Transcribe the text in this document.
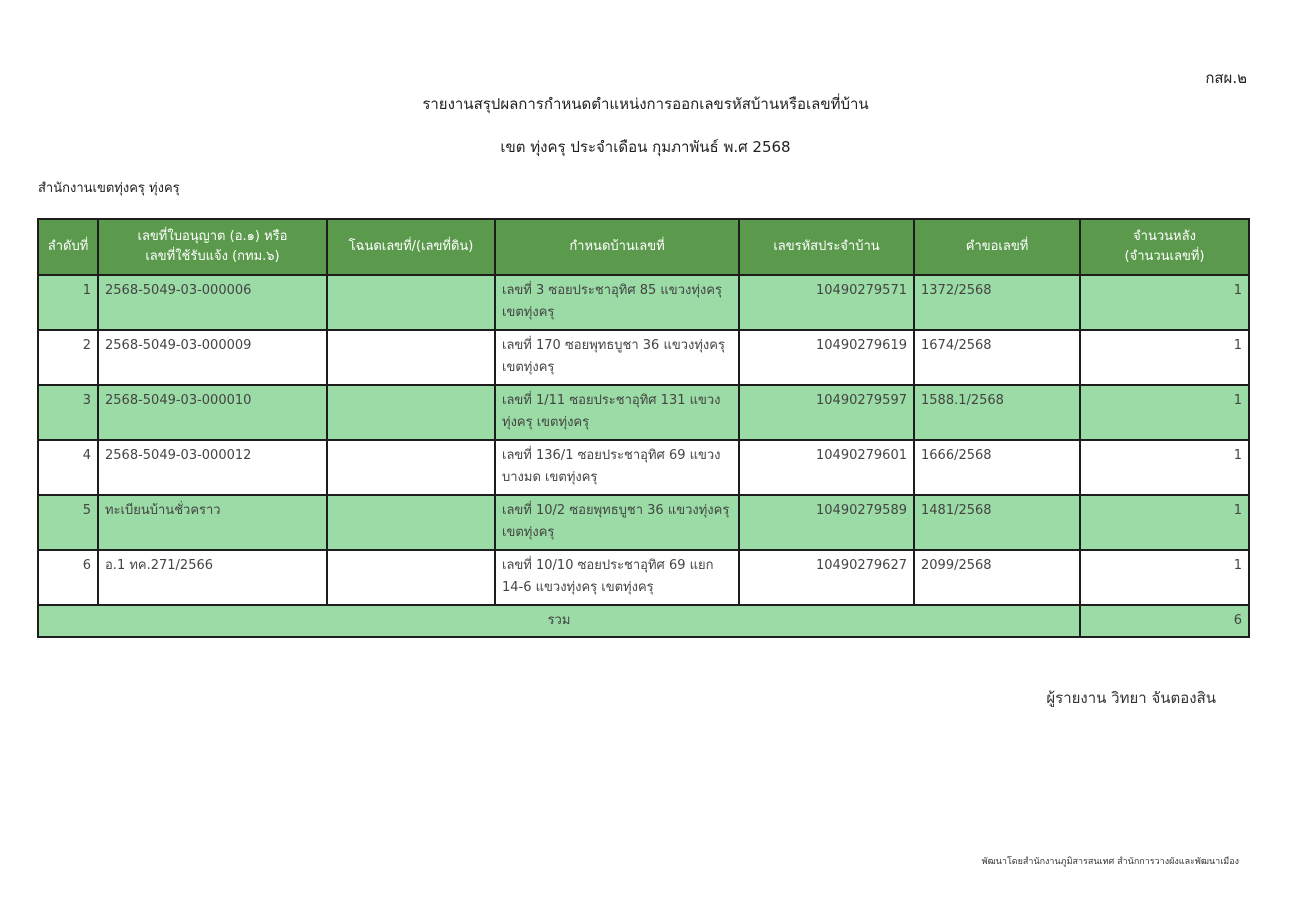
กสผ.๒
รายงานสรุปผลการกำหนดตำแหน่งการออกเลขรหัสบ้านหรือเลขที่บ้าน
เขต ทุ่งครุ ประจำเดือน กุมภาพันธ์ พ.ศ 2568
สำนักงานเขตทุ่งครุ ทุ่งครุ
ลำดับที่	เลขที่ใบอนุญาต (อ.๑) หรือ
เลขที่ใช้รับแจ้ง (กทม.๖)	โฉนดเลขที่/(เลขที่ดิน)	กำหนดบ้านเลขที่	เลขรหัสประจำบ้าน	คำขอเลขที่	จำนวนหลัง
(จำนวนเลขที่)

1	2568-5049-03-000006		เลขที่ 3 ซอยประชาอุทิศ 85 แขวงทุ่งครุ เขตทุ่งครุ	10490279571	1372/2568	1
2	2568-5049-03-000009		เลขที่ 170 ซอยพุทธบูชา 36 แขวงทุ่งครุ เขตทุ่งครุ	10490279619	1674/2568	1
3	2568-5049-03-000010		เลขที่ 1/11 ซอยประชาอุทิศ 131 แขวงทุ่งครุ เขตทุ่งครุ	10490279597	1588.1/2568	1
4	2568-5049-03-000012		เลขที่ 136/1 ซอยประชาอุทิศ 69 แขวงบางมด เขตทุ่งครุ	10490279601	1666/2568	1
5	ทะเบียนบ้านชั่วคราว		เลขที่ 10/2 ซอยพุทธบูชา 36 แขวงทุ่งครุ เขตทุ่งครุ	10490279589	1481/2568	1
6	อ.1 ทค.271/2566		เลขที่ 10/10 ซอยประชาอุทิศ 69 แยก 14-6 แขวงทุ่งครุ เขตทุ่งครุ	10490279627	2099/2568	1
รวม						6
ผู้รายงาน วิทยา จันตองสิน
พัฒนาโดยสำนักงานภูมิสารสนเทศ สำนักการวางผังและพัฒนาเมือง
